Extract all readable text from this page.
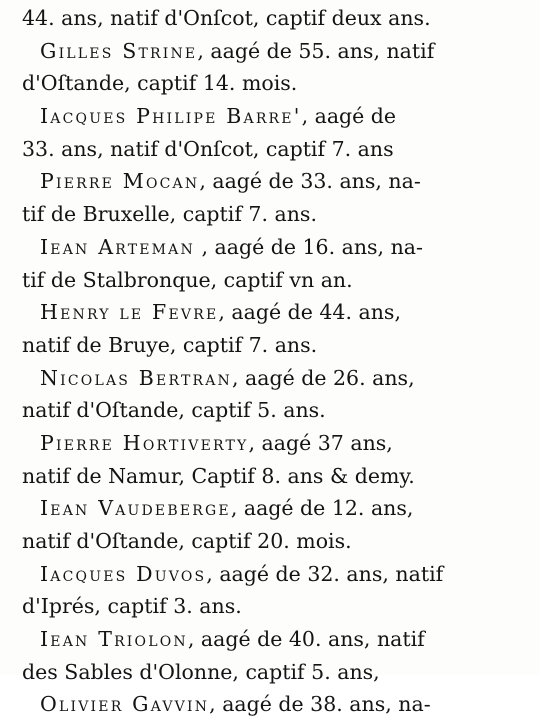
44. ans, natif d'Onſcot, captif deux ans.
Gilles Strine, aagé de 55. ans, natif
d'Oſtande, captif 14. mois.
Iacques Philipe Barre', aagé de
33. ans, natif d'Onſcot, captif 7. ans
Pierre Mocan, aagé de 33. ans, na-
tif de Bruxelle, captif 7. ans.
Iean Arteman , aagé de 16. ans, na-
tif de Stalbronque, captif vn an.
Henry le Fevre, aagé de 44. ans,
natif de Bruye, captif 7. ans.
Nicolas Bertran, aagé de 26. ans,
natif d'Oſtande, captif 5. ans.
Pierre Hortiverty, aagé 37 ans,
natif de Namur, Captif 8. ans & demy.
Iean Vaudeberge, aagé de 12. ans,
natif d'Oſtande, captif 20. mois.
Iacques Duvos, aagé de 32. ans, natif
d'Iprés, captif 3. ans.
Iean Triolon, aagé de 40. ans, natif
des Sables d'Olonne, captif 5. ans,
Olivier Gavvin, aagé de 38. ans, na-
